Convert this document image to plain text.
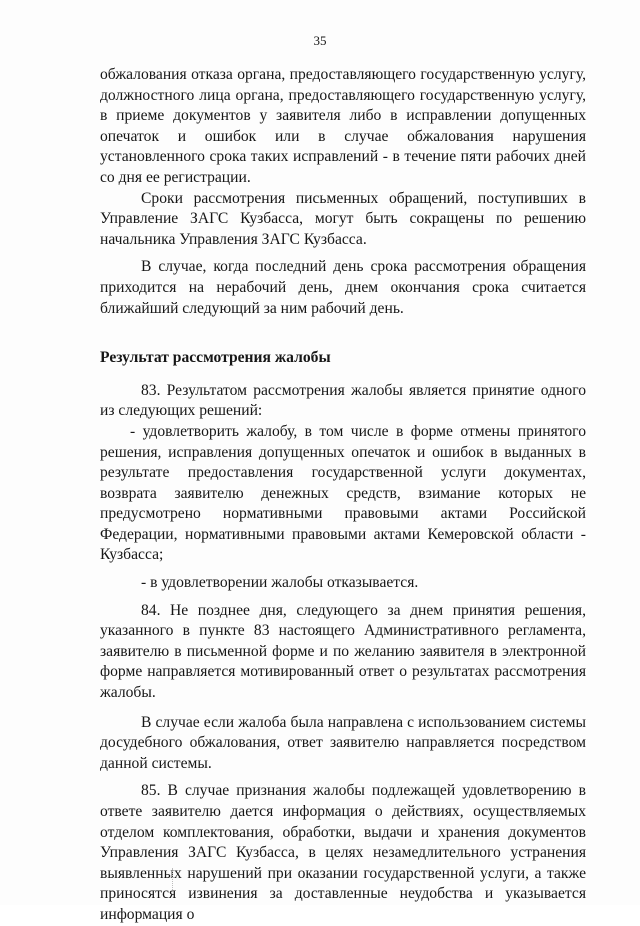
35

обжалования отказа органа, предоставляющего государственную услугу, должностного лица органа, предоставляющего государственную услугу, в приеме документов у заявителя либо в исправлении допущенных опечаток и ошибок или в случае обжалования нарушения установленного срока таких исправлений - в течение пяти рабочих дней со дня ее регистрации.

Сроки рассмотрения письменных обращений, поступивших в Управление ЗАГС Кузбасса, могут быть сокращены по решению начальника Управления ЗАГС Кузбасса.

В случае, когда последний день срока рассмотрения обращения приходится на нерабочий день, днем окончания срока считается ближайший следующий за ним рабочий день.

Результат рассмотрения жалобы

83. Результатом рассмотрения жалобы является принятие одного из следующих решений:

- удовлетворить жалобу, в том числе в форме отмены принятого решения, исправления допущенных опечаток и ошибок в выданных в результате предоставления государственной услуги документах, возврата заявителю денежных средств, взимание которых не предусмотрено нормативными правовыми актами Российской Федерации, нормативными правовыми актами Кемеровской области - Кузбасса;

- в удовлетворении жалобы отказывается.

84. Не позднее дня, следующего за днем принятия решения, указанного в пункте 83 настоящего Административного регламента, заявителю в письменной форме и по желанию заявителя в электронной форме направляется мотивированный ответ о результатах рассмотрения жалобы.

В случае если жалоба была направлена с использованием системы досудебного обжалования, ответ заявителю направляется посредством данной системы.

85. В случае признания жалобы подлежащей удовлетворению в ответе заявителю дается информация о действиях, осуществляемых отделом комплектования, обработки, выдачи и хранения документов Управления ЗАГС Кузбасса, в целях незамедлительного устранения выявленных нарушений при оказании государственной услуги, а также приносятся извинения за доставленные неудобства и указывается информация о
